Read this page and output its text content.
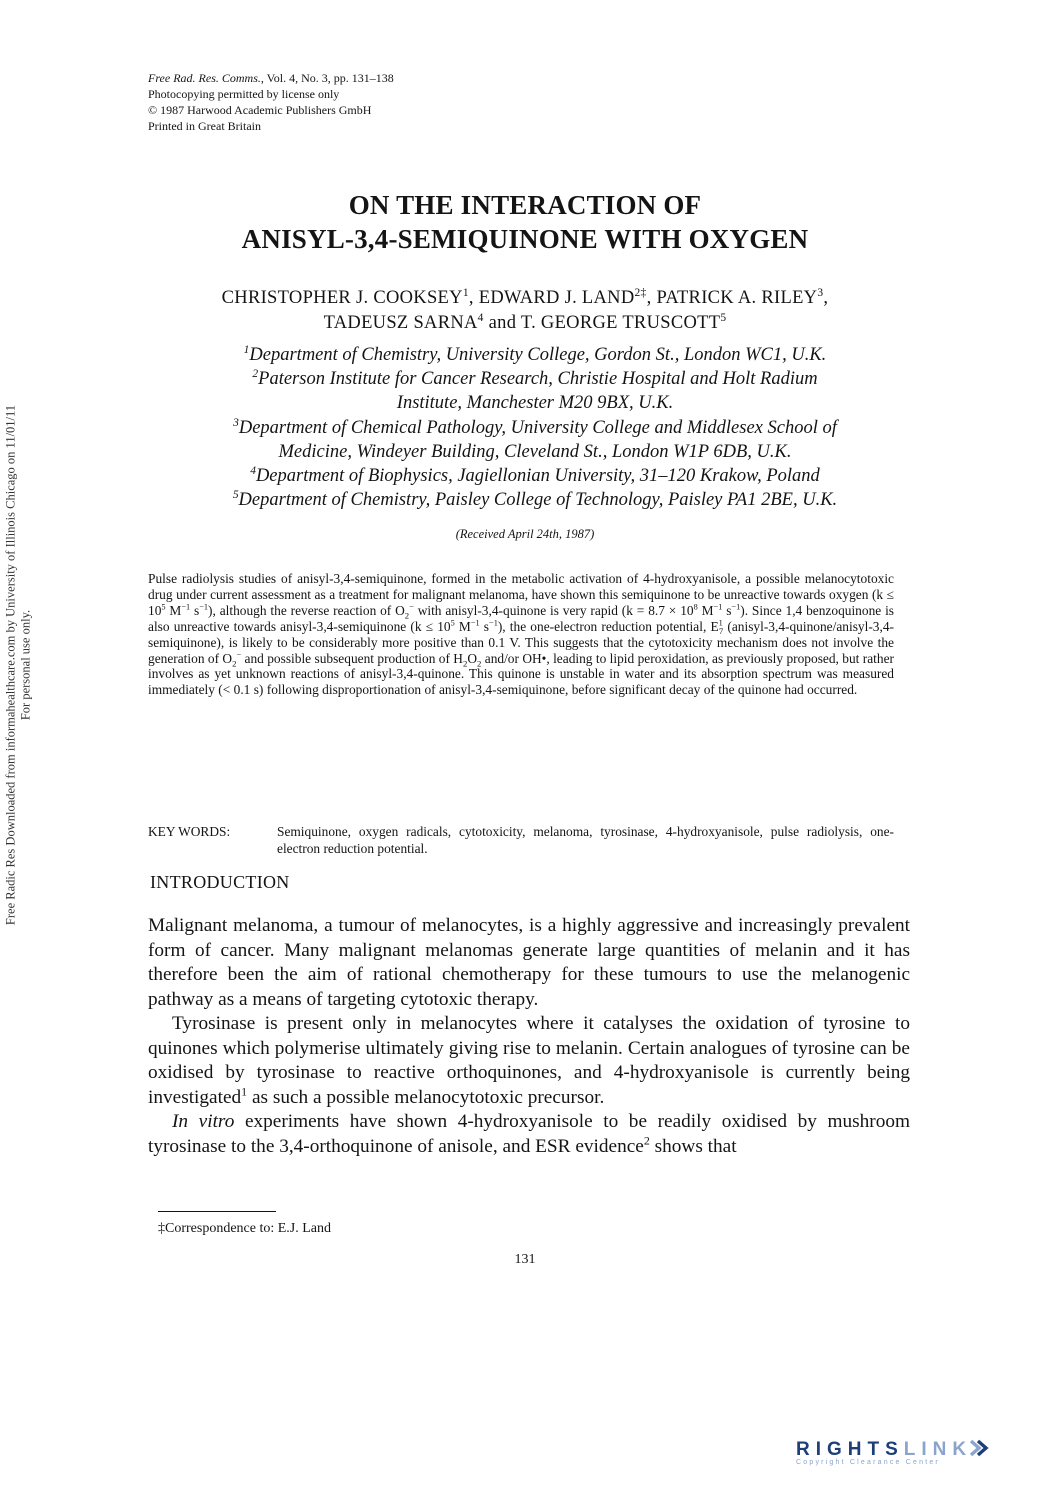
Free Rad. Res. Comms., Vol. 4, No. 3, pp. 131–138
Photocopying permitted by license only
© 1987 Harwood Academic Publishers GmbH
Printed in Great Britain
ON THE INTERACTION OF
ANISYL-3,4-SEMIQUINONE WITH OXYGEN
CHRISTOPHER J. COOKSEY$^1$, EDWARD J. $LAND^{2\ddagger}$, PATRICK A. RILEY$^3$,
TADEUSZ SARNA$^4$ and T. GEORGE TRUSCOTT$^5$
$^1$Department of Chemistry, University College, Gordon St., London WC1, U.K.
$^2$Paterson Institute for Cancer Research, Christie Hospital and Holt Radium
Institute, Manchester M20 9BX, U.K.
$^3$Department of Chemical Pathology, University College and Middlesex School of
Medicine, Windeyer Building, Cleveland St., London W1P 6DB, U.K.
$^4$Department of Biophysics, Jagiellonian University, 31–120 Krakow, Poland
$^5$Department of Chemistry, Paisley College of Technology, Paisley PA1 2BE, U.K.
(Received April 24th, 1987)
Pulse radiolysis studies of anisyl-3,4-semiquinone, formed in the metabolic activation of 4-hydroxyanisole, a possible melanocytotoxic drug under current assessment as a treatment for malignant melanoma, have shown this semiquinone to be unreactive towards oxygen ($k \le 10^5$ $M^{-1}$ $s^{-1}$), although the reverse reaction of $O_2^-$ with anisyl-3,4-quinone is very rapid ($k = 8.7 \times 10^8$ $M^{-1}$ $s^{-1}$). Since 1,4 benzoquinone is also unreactive towards anisyl-3,4-semiquinone ($k \le 10^5$ $M^{-1}$ $s^{-1}$), the one-electron reduction potential, $E^1_7$ (anisyl-3,4-quinone/anisyl-3,4-semiquinone), is likely to be considerably more positive than 0.1 V. This suggests that the cytotoxicity mechanism does not involve the generation of $O_2^-$ and possible subsequent production of $H_2O_2$ and/or OH•, leading to lipid peroxidation, as previously proposed, but rather involves as yet unknown reactions of anisyl-3,4-quinone. This quinone is unstable in water and its absorption spectrum was measured immediately (< 0.1 s) following disproportionation of anisyl-3,4-semiquinone, before significant decay of the quinone had occurred.
KEY WORDS:	Semiquinone, oxygen radicals, cytotoxicity, melanoma, tyrosinase, 4-hydroxyanisole, pulse radiolysis, one-electron reduction potential.
INTRODUCTION

Malignant melanoma, a tumour of melanocytes, is a highly aggressive and increasingly prevalent form of cancer. Many malignant melanomas generate large quantities of melanin and it has therefore been the aim of rational chemotherapy for these tumours to use the melanogenic pathway as a means of targeting cytotoxic therapy.

Tyrosinase is present only in melanocytes where it catalyses the oxidation of tyrosine to quinones which polymerise ultimately giving rise to melanin. Certain analogues of tyrosine can be oxidised by tyrosinase to reactive orthoquinones, and 4-hydroxyanisole is currently being investigated$^1$ as such a possible melanocytotoxic precursor.

In vitro experiments have shown 4-hydroxyanisole to be readily oxidised by mushroom tyrosinase to the 3,4-orthoquinone of anisole, and ESR evidence$^2$ shows that

‡Correspondence to: E.J. Land
131
Free Radic Res Downloaded from informahealthcare.com by University of Illinois Chicago on 11/01/11 For personal use only.
RIGHTSLINK
Copyright Clearance Center
